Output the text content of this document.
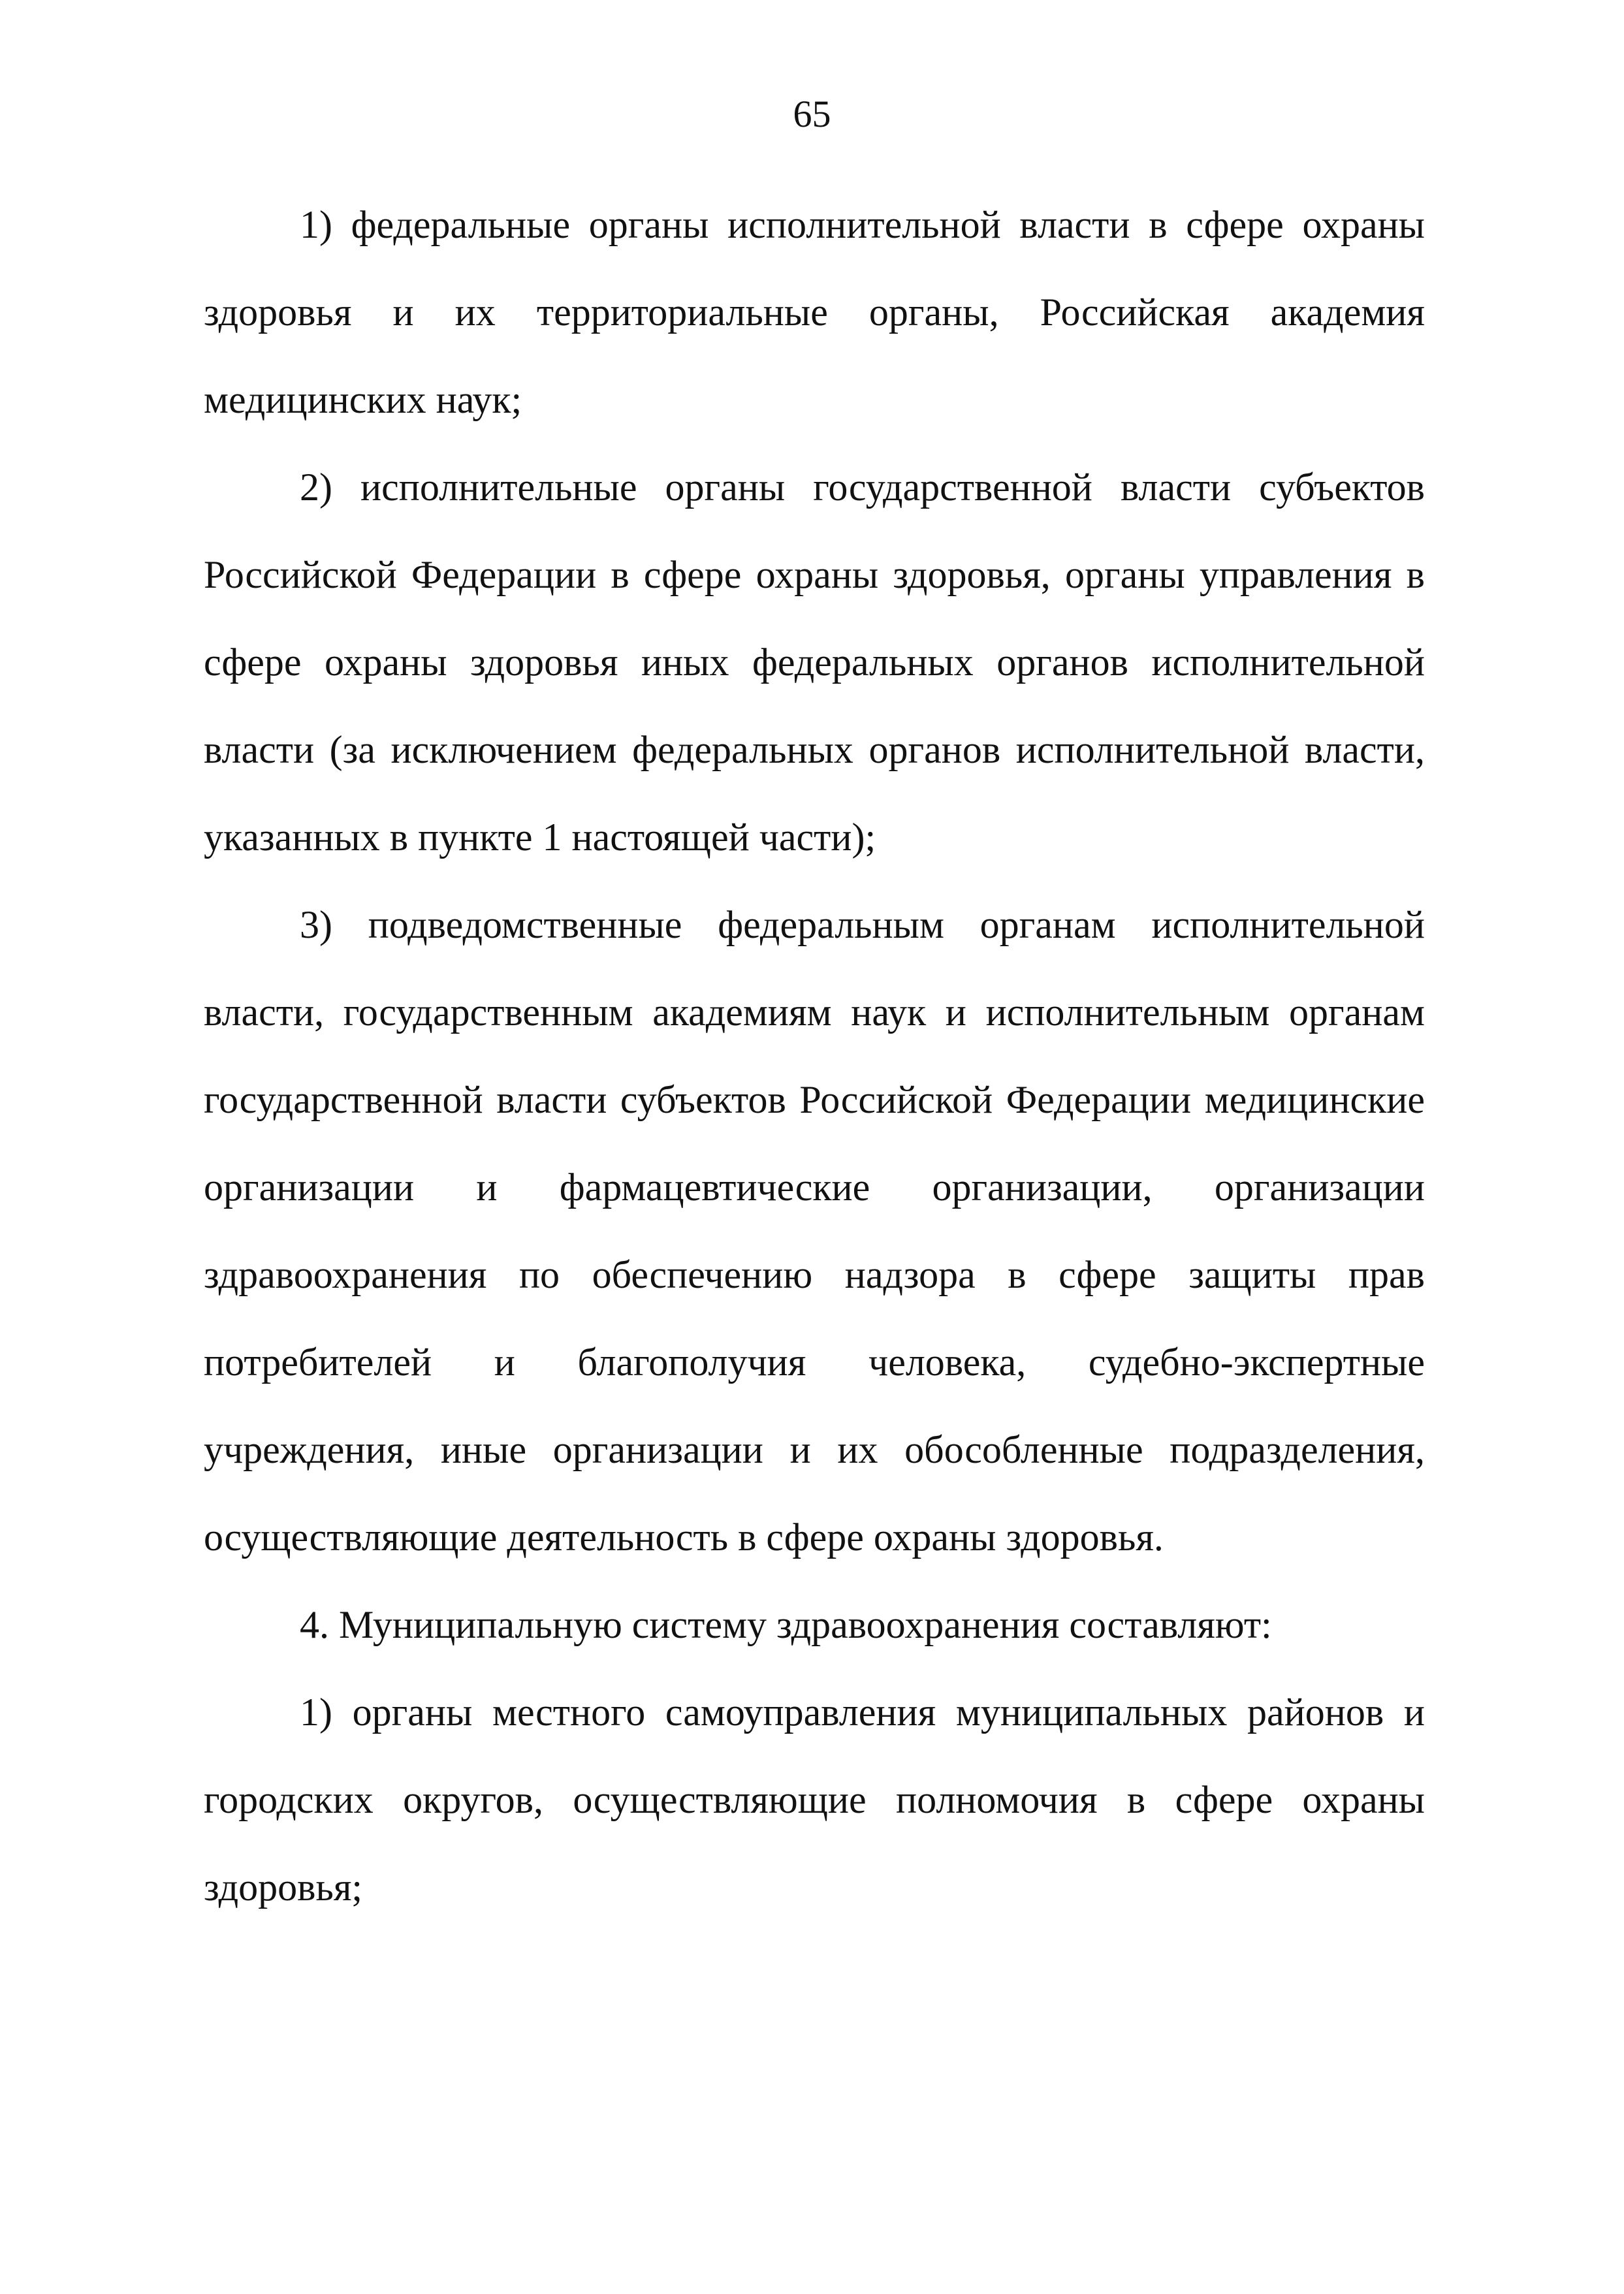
65

1) федеральные органы исполнительной власти в сфере охраны здоровья и их территориальные органы, Российская академия медицинских наук;

2) исполнительные органы государственной власти субъектов Российской Федерации в сфере охраны здоровья, органы управления в сфере охраны здоровья иных федеральных органов исполнительной власти (за исключением федеральных органов исполнительной власти, указанных в пункте 1 настоящей части);

3) подведомственные федеральным органам исполнительной власти, государственным академиям наук и исполнительным органам государственной власти субъектов Российской Федерации медицинские организации и фармацевтические организации, организации здравоохранения по обеспечению надзора в сфере защиты прав потребителей и благополучия человека, судебно-экспертные учреждения, иные организации и их обособленные подразделения, осуществляющие деятельность в сфере охраны здоровья.

4. Муниципальную систему здравоохранения составляют:

1) органы местного самоуправления муниципальных районов и городских округов, осуществляющие полномочия в сфере охраны здоровья;
